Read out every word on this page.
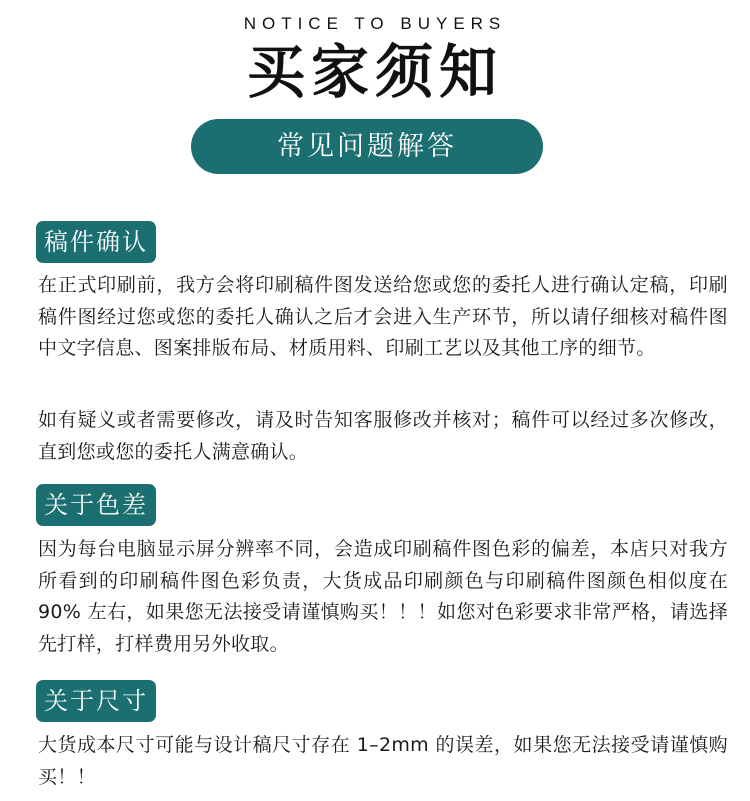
NOTICE TO BUYERS
买家须知
常见问题解答
稿件确认

在正式印刷前，我方会将印刷稿件图发送给您或您的委托人进行确认定稿，印刷稿件图经过您或您的委托人确认之后才会进入生产环节，所以请仔细核对稿件图中文字信息、图案排版布局、材质用料、印刷工艺以及其他工序的细节。

如有疑义或者需要修改，请及时告知客服修改并核对；稿件可以经过多次修改，直到您或您的委托人满意确认。

关于色差

因为每台电脑显示屏分辨率不同，会造成印刷稿件图色彩的偏差，本店只对我方所看到的印刷稿件图色彩负责，大货成品印刷颜色与印刷稿件图颜色相似度在 90% 左右，如果您无法接受请谨慎购买！！！如您对色彩要求非常严格，请选择先打样，打样费用另外收取。

关于尺寸

大货成本尺寸可能与设计稿尺寸存在 1–2mm 的误差，如果您无法接受请谨慎购买！！
